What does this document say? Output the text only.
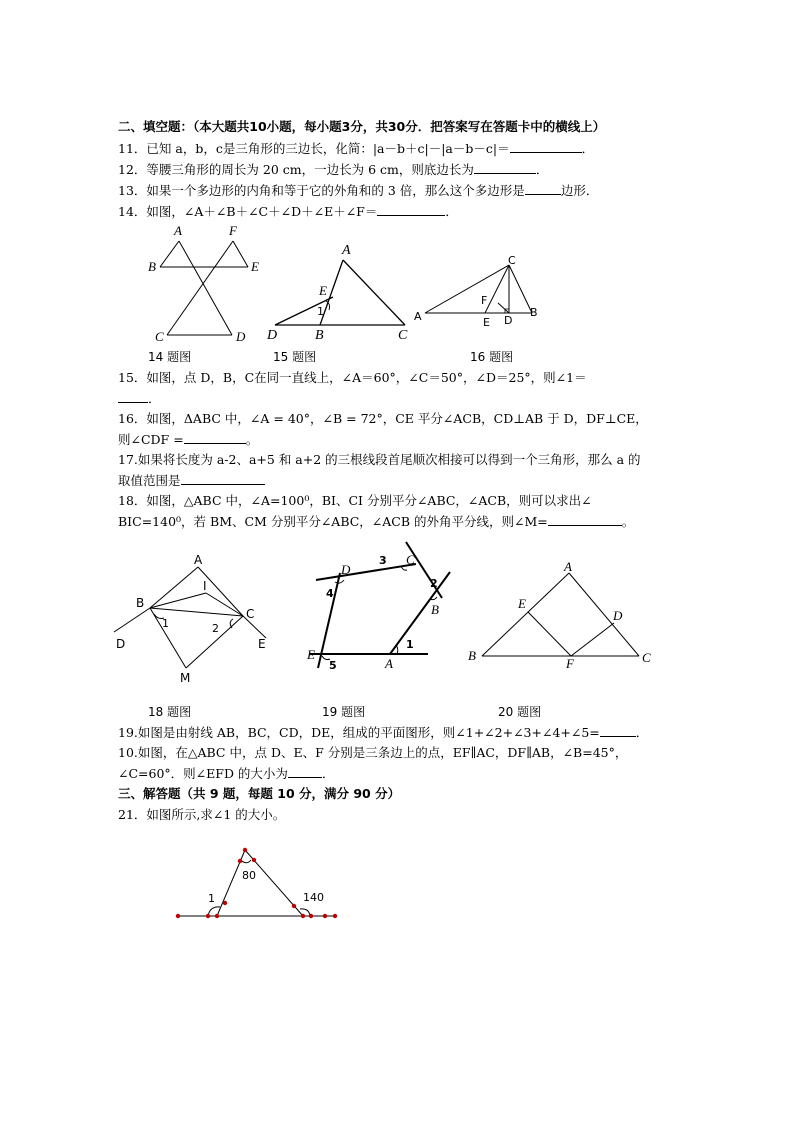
二、填空题：（本大题共10小题，每小题3分，共30分．把答案写在答题卡中的横线上）
11．已知 a，b，c是三角形的三边长，化简：|a－b＋c|－|a－b－c|＝	．
12．等腰三角形的周长为 20 cm，一边长为 6 cm，则底边长为	．
13．如果一个多边形的内角和等于它的外角和的 3 倍，那么这个多边形是	边形．
14．如图，∠A＋∠B＋∠C＋∠D＋∠E＋∠F＝	．
A	F
B	E
C	D
14 题图
A
E
1
D	B	C
15 题图
C
F
A	E D
B
16 题图
15．如图，点 D，B，C在同一直线上，∠A＝60°，∠C＝50°，∠D＝25°，则∠1＝
．
16．如图，ΔABC 中，∠A = 40°，∠B = 72°，CE 平分∠ACB，CD⊥AB 于 D，DF⊥CE，
则∠CDF =	。
17.如果将长度为 a-2、a+5 和 a+2 的三根线段首尾顺次相接可以得到一个三角形，那么 a 的
取值范围是
18．如图，△ABC 中，∠A=100⁰，BI、CI 分别平分∠ABC，∠ACB，则可以求出∠
BIC=140⁰，若 BM、CM 分别平分∠ABC，∠ACB 的外角平分线，则∠M=	。
A
B
I
C
1	2
D	E
M
18 题图
D
3 C
4
2
B
1
E
5	A
19 题图
A
E
D
B
F	C
20 题图
19.如图是由射线 AB，BC，CD，DE，组成的平面图形，则∠1+∠2+∠3+∠4+∠5=	．
10.如图，在△ABC 中，点 D、E、F 分别是三条边上的点，EF∥AC，DF∥AB，∠B=45°，
∠C=60°．则∠EFD 的大小为	．
三、解答题（共 9 题，每题 10 分，满分 90 分）
21．如图所示,求∠1 的大小。
80
1	140
